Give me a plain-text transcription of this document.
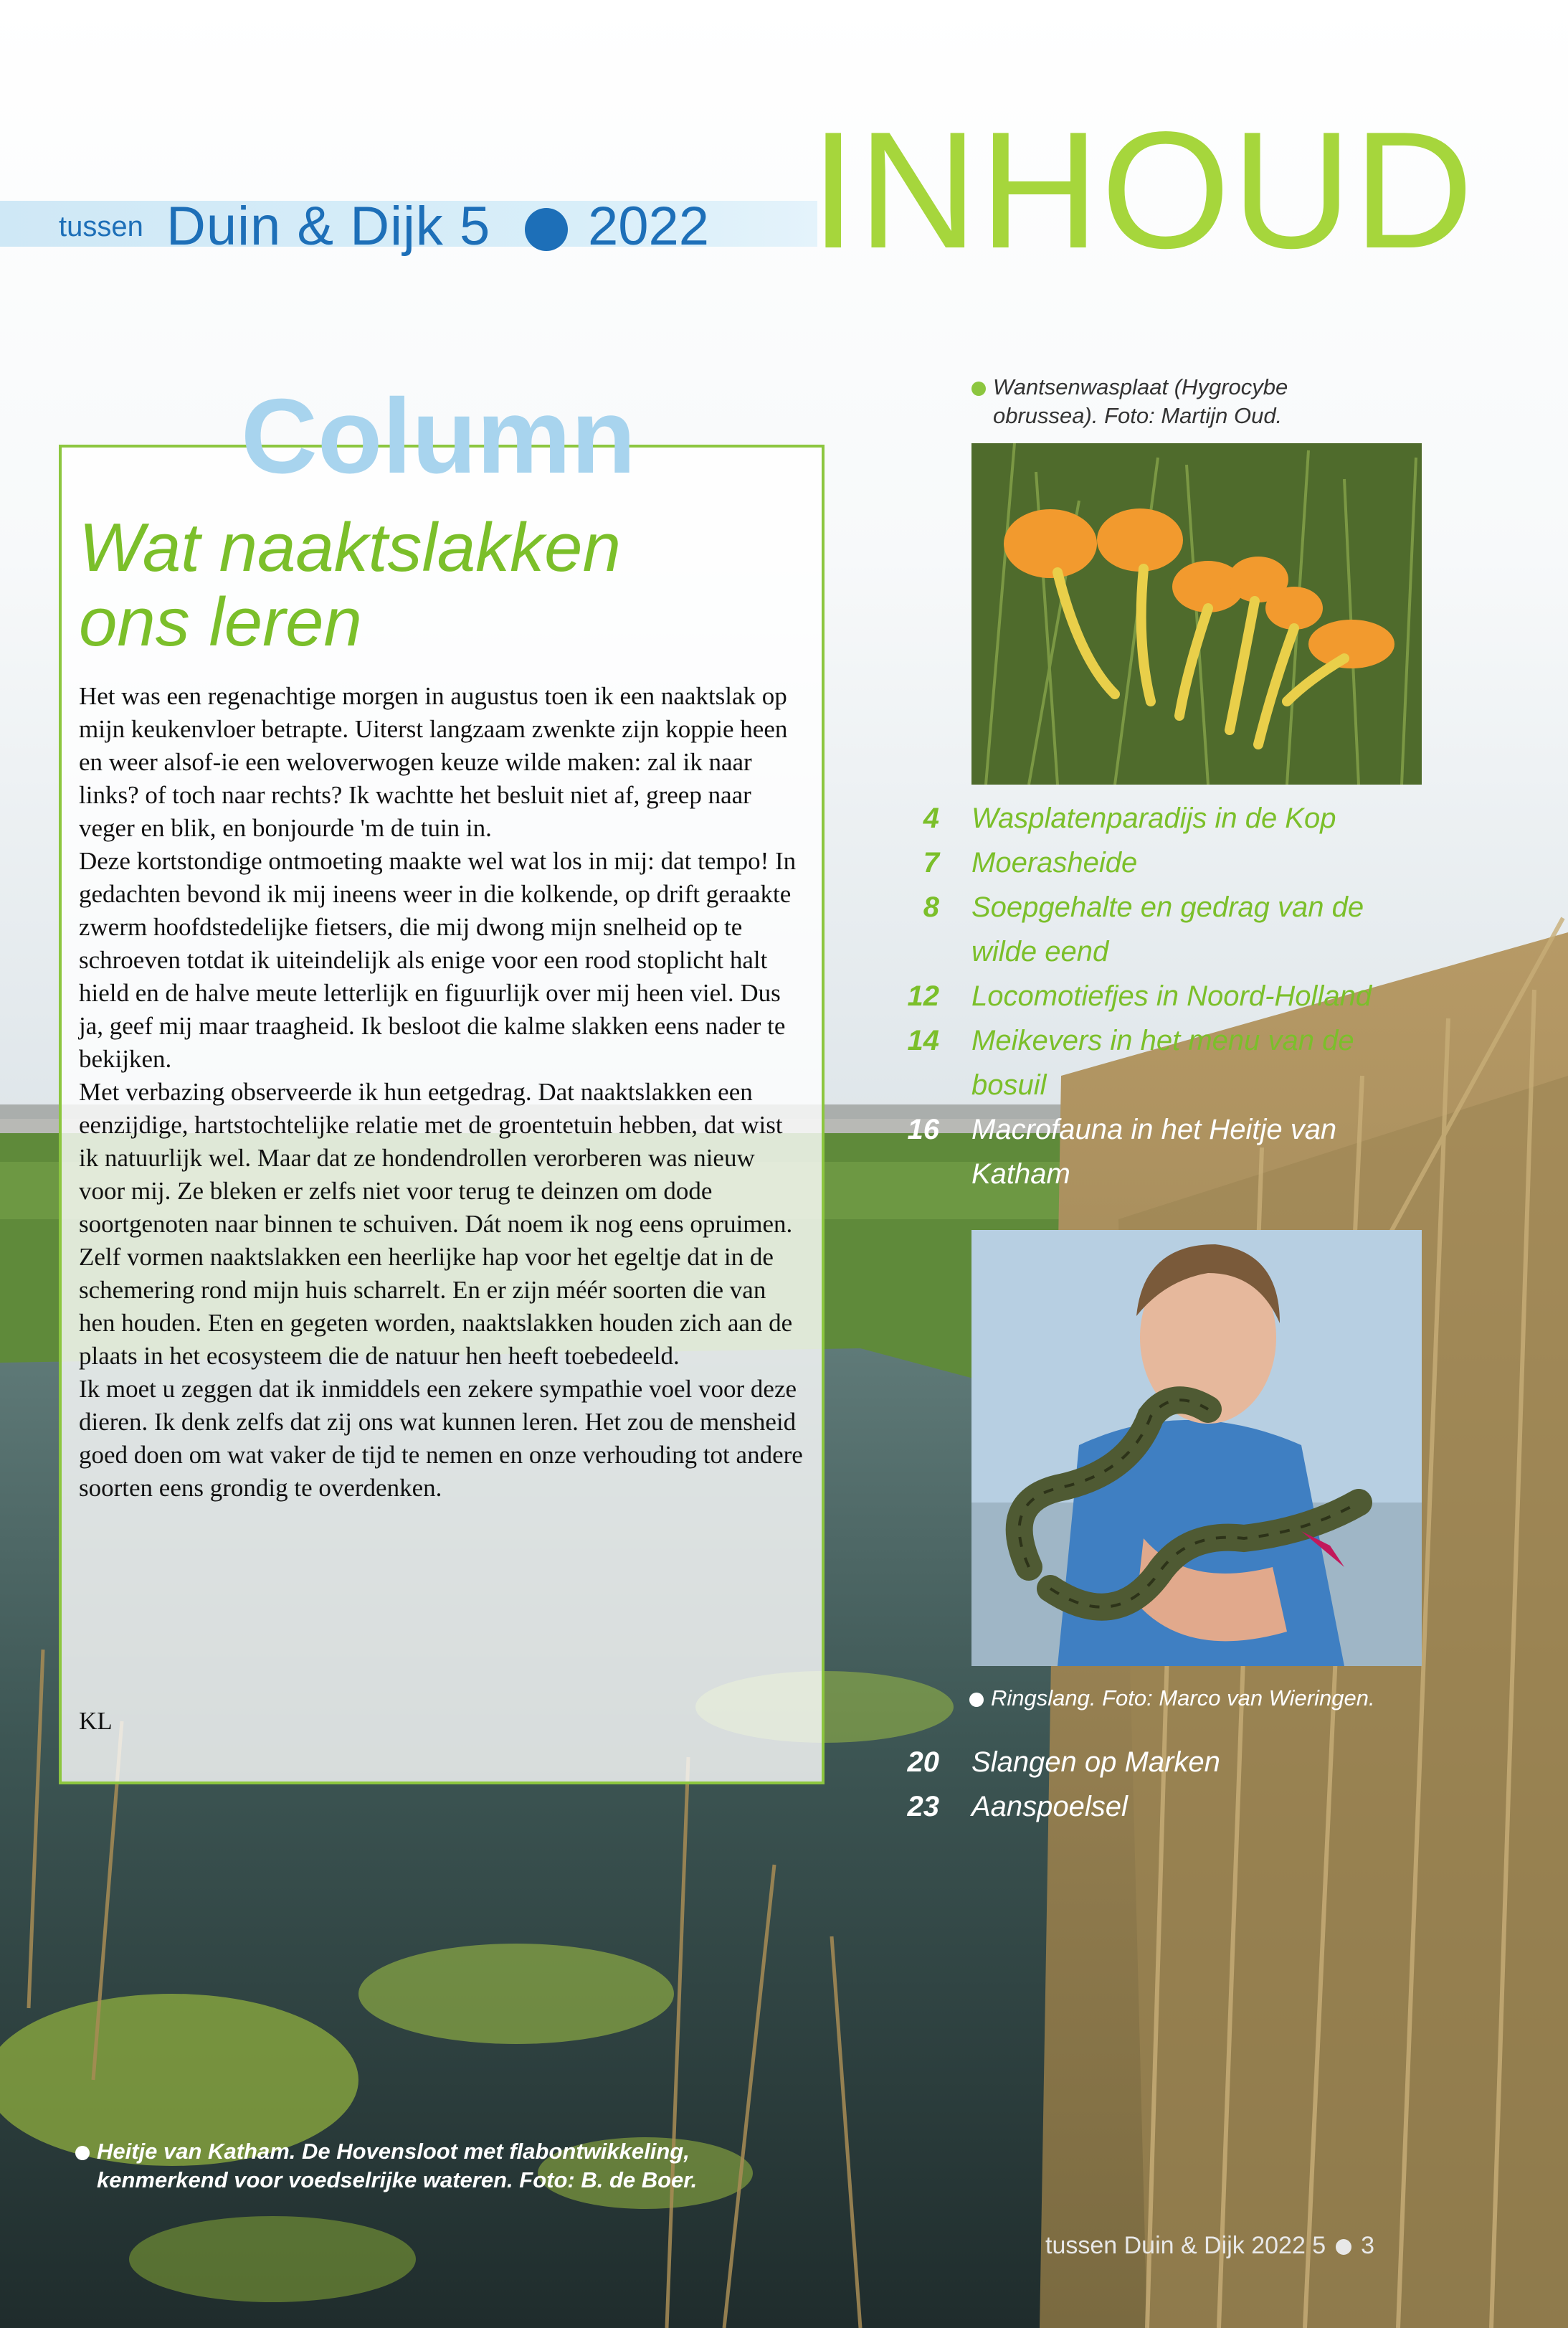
tussen Duin & Dijk 5 2022 INHOUD
Column
Wat naaktslakken
ons leren

Het was een regenachtige morgen in augustus toen ik een naaktslak op mijn keukenvloer betrapte. Uiterst langzaam zwenkte zijn koppie heen en weer alsof-ie een weloverwogen keuze wilde maken: zal ik naar links? of toch naar rechts? Ik wachtte het besluit niet af, greep naar veger en blik, en bonjourde 'm de tuin in.

Deze kortstondige ontmoeting maakte wel wat los in mij: dat tempo! In gedachten bevond ik mij ineens weer in die kolkende, op drift geraakte zwerm hoofdstedelijke fietsers, die mij dwong mijn snelheid op te schroeven totdat ik uiteindelijk als enige voor een rood stoplicht halt hield en de halve meute letterlijk en figuurlijk over mij heen viel. Dus ja, geef mij maar traagheid. Ik besloot die kalme slakken eens nader te bekijken.

Met verbazing observeerde ik hun eetgedrag. Dat naaktslakken een eenzijdige, hartstochtelijke relatie met de groentetuin hebben, dat wist ik natuurlijk wel. Maar dat ze hondendrollen verorberen was nieuw voor mij. Ze bleken er zelfs niet voor terug te deinzen om dode soortgenoten naar binnen te schuiven. Dát noem ik nog eens opruimen.

Zelf vormen naaktslakken een heerlijke hap voor het egeltje dat in de schemering rond mijn huis scharrelt. En er zijn méér soorten die van hen houden. Eten en gegeten worden, naaktslakken houden zich aan de plaats in het ecosysteem die de natuur hen heeft toebedeeld.

Ik moet u zeggen dat ik inmiddels een zekere sympathie voel voor deze dieren. Ik denk zelfs dat zij ons wat kunnen leren. Het zou de mensheid goed doen om wat vaker de tijd te nemen en onze verhouding tot andere soorten eens grondig te overdenken.

KL
Wantsenwasplaat (Hygrocybe
obrussea). Foto: Martijn Oud.
4 Wasplatenparadijs in de Kop
7 Moerasheide
8 Soepgehalte en gedrag van de
wilde eend
12 Locomotiefjes in Noord-Holland
14 Meikevers in het menu van de
bosuil
16 Macrofauna in het Heitje van
Katham
Ringslang. Foto: Marco van Wieringen.
20 Slangen op Marken
23 Aanspoelsel
Heitje van Katham. De Hovensloot met flabontwikkeling,
kenmerkend voor voedselrijke wateren. Foto: B. de Boer.
tussen Duin & Dijk 2022 5 3
